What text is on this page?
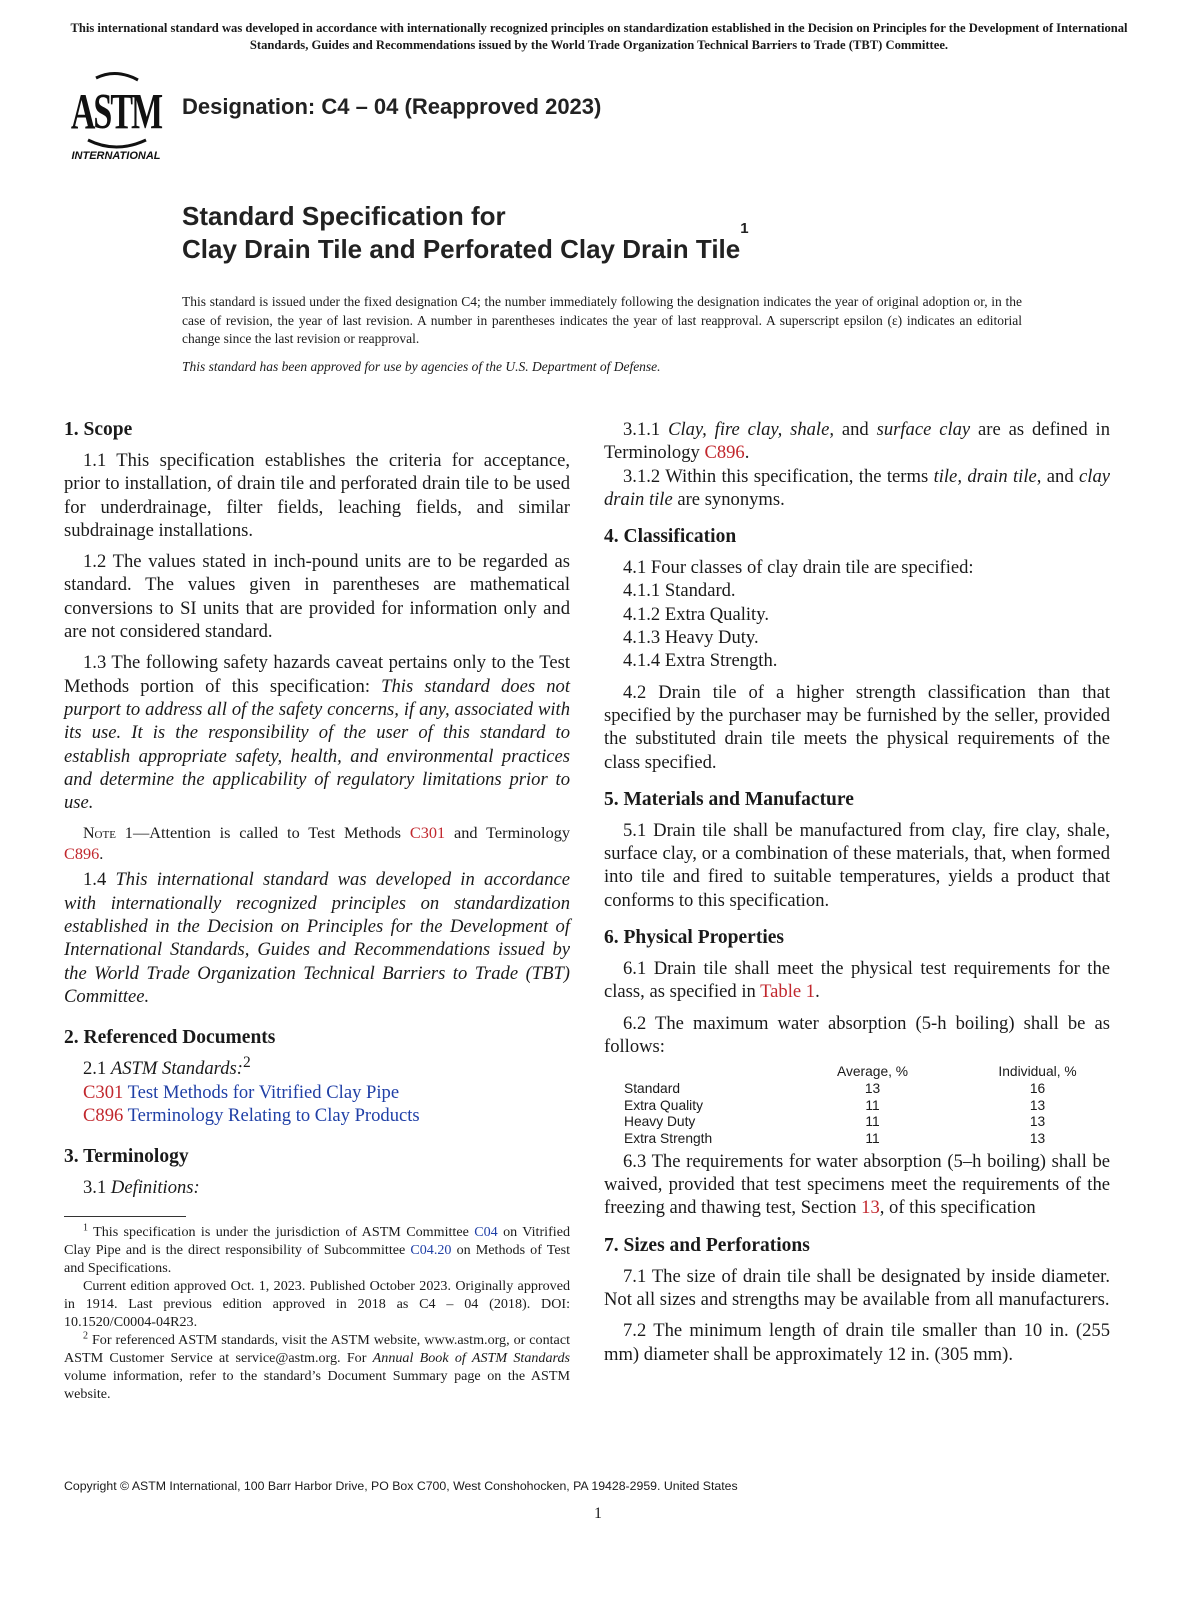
This international standard was developed in accordance with internationally recognized principles on standardization established in the Decision on Principles for the Development of International Standards, Guides and Recommendations issued by the World Trade Organization Technical Barriers to Trade (TBT) Committee.
ASTM
INTERNATIONAL
Designation: C4 – 04 (Reapproved 2023)
Standard Specification for
Clay Drain Tile and Perforated Clay Drain Tile$^1$
This standard is issued under the fixed designation C4; the number immediately following the designation indicates the year of original adoption or, in the case of revision, the year of last revision. A number in parentheses indicates the year of last reapproval. A superscript epsilon (ε) indicates an editorial change since the last revision or reapproval.
This standard has been approved for use by agencies of the U.S. Department of Defense.
1. Scope

1.1 This specification establishes the criteria for acceptance, prior to installation, of drain tile and perforated drain tile to be used for underdrainage, filter fields, leaching fields, and similar subdrainage installations.

1.2 The values stated in inch-pound units are to be regarded as standard. The values given in parentheses are mathematical conversions to SI units that are provided for information only and are not considered standard.

1.3 The following safety hazards caveat pertains only to the Test Methods portion of this specification: This standard does not purport to address all of the safety concerns, if any, associated with its use. It is the responsibility of the user of this standard to establish appropriate safety, health, and environmental practices and determine the applicability of regulatory limitations prior to use.

Note 1—Attention is called to Test Methods C301 and Terminology C896.

1.4 This international standard was developed in accordance with internationally recognized principles on standardization established in the Decision on Principles for the Development of International Standards, Guides and Recommendations issued by the World Trade Organization Technical Barriers to Trade (TBT) Committee.

2. Referenced Documents

2.1 ASTM Standards:$^2$

C301 Test Methods for Vitrified Clay Pipe

C896 Terminology Relating to Clay Products

3. Terminology

3.1 Definitions:

$^1$ This specification is under the jurisdiction of ASTM Committee C04 on Vitrified Clay Pipe and is the direct responsibility of Subcommittee C04.20 on Methods of Test and Specifications.

Current edition approved Oct. 1, 2023. Published October 2023. Originally approved in 1914. Last previous edition approved in 2018 as C4 – 04 (2018). DOI: 10.1520/C0004-04R23.

$^2$ For referenced ASTM standards, visit the ASTM website, www.astm.org, or contact ASTM Customer Service at service@astm.org. For Annual Book of ASTM Standards volume information, refer to the standard’s Document Summary page on the ASTM website.

3.1.1 Clay, fire clay, shale, and surface clay are as defined in Terminology C896.

3.1.2 Within this specification, the terms tile, drain tile, and clay drain tile are synonyms.

4. Classification

4.1 Four classes of clay drain tile are specified:

4.1.1 Standard.

4.1.2 Extra Quality.

4.1.3 Heavy Duty.

4.1.4 Extra Strength.

4.2 Drain tile of a higher strength classification than that specified by the purchaser may be furnished by the seller, provided the substituted drain tile meets the physical requirements of the class specified.

5. Materials and Manufacture

5.1 Drain tile shall be manufactured from clay, fire clay, shale, surface clay, or a combination of these materials, that, when formed into tile and fired to suitable temperatures, yields a product that conforms to this specification.

6. Physical Properties

6.1 Drain tile shall meet the physical test requirements for the class, as specified in Table 1.

6.2 The maximum water absorption (5-h boiling) shall be as follows:

	Average, %	Individual, %
Standard	13	16
Extra Quality	11	13
Heavy Duty	11	13
Extra Strength	11	13

6.3 The requirements for water absorption (5–h boiling) shall be waived, provided that test specimens meet the requirements of the freezing and thawing test, Section 13, of this specification

7. Sizes and Perforations

7.1 The size of drain tile shall be designated by inside diameter. Not all sizes and strengths may be available from all manufacturers.

7.2 The minimum length of drain tile smaller than 10 in. (255 mm) diameter shall be approximately 12 in. (305 mm).

Copyright © ASTM International, 100 Barr Harbor Drive, PO Box C700, West Conshohocken, PA 19428-2959. United States
1
